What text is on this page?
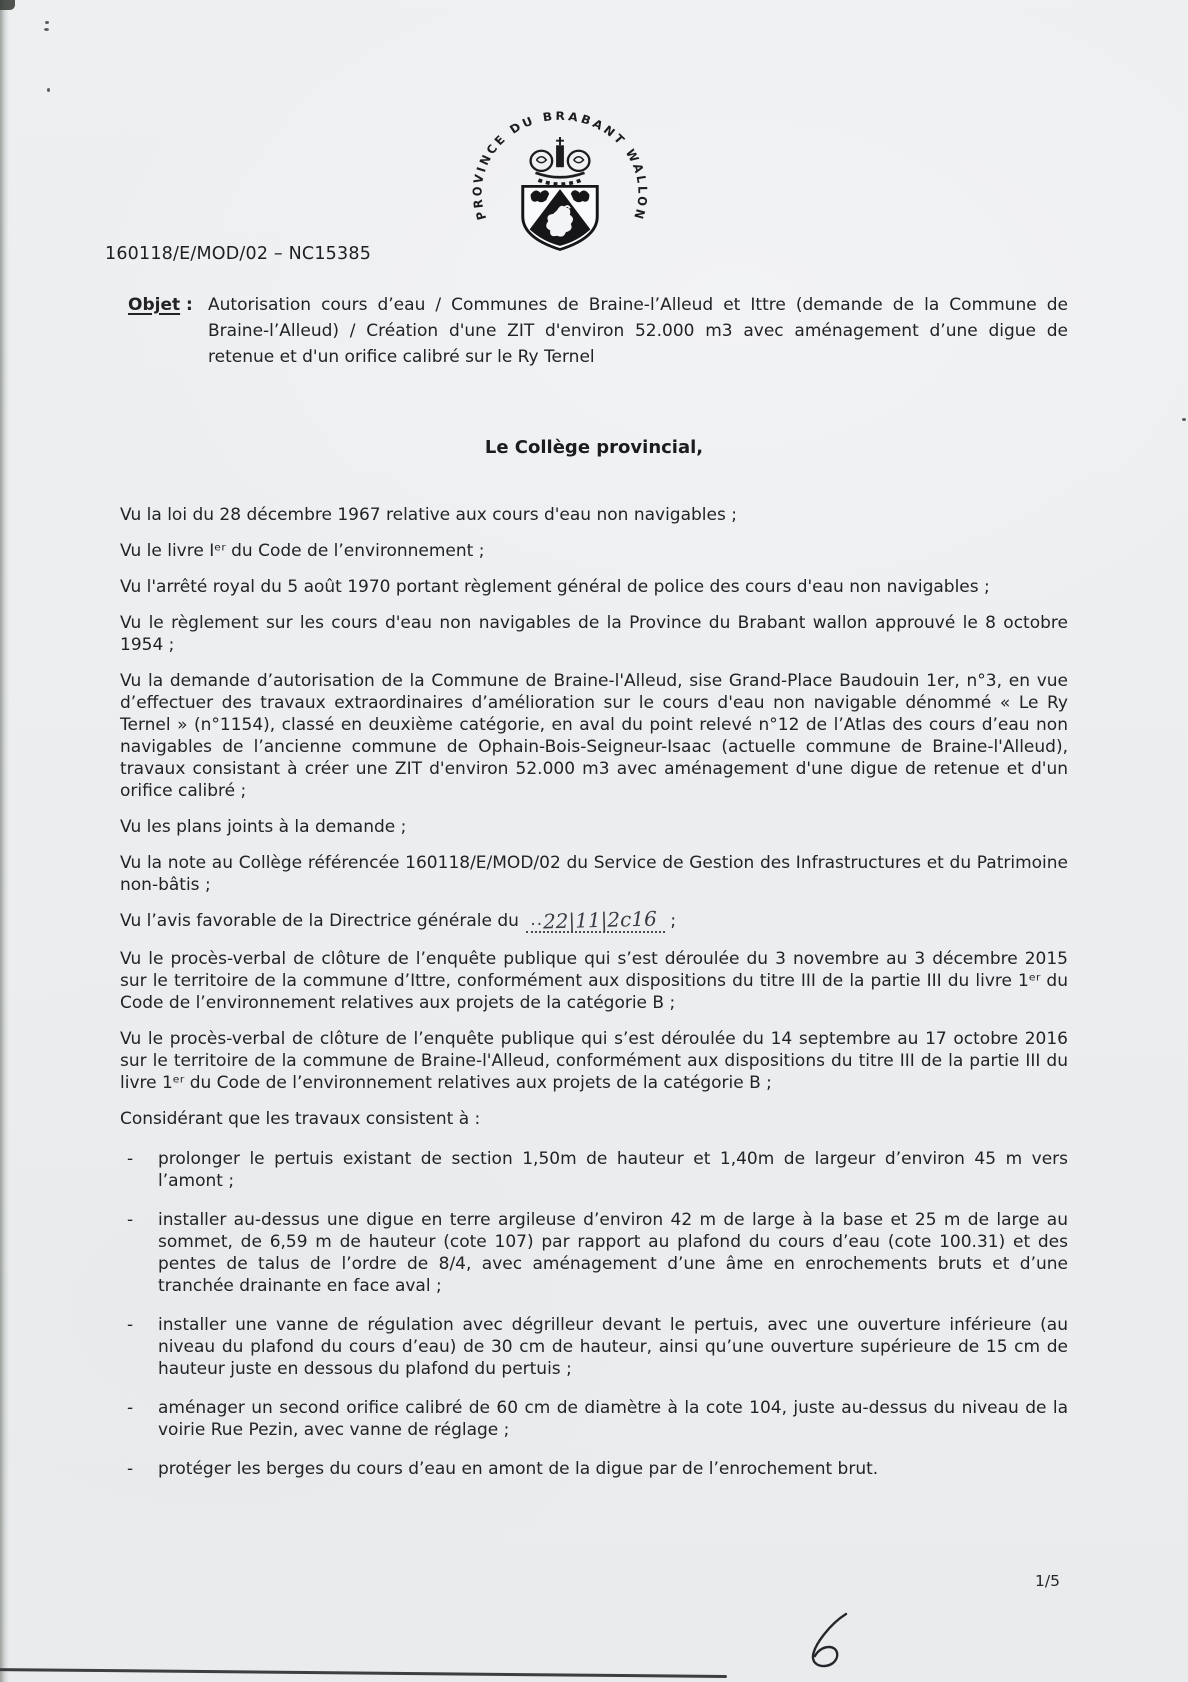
PROVINCE DU BRABANT WALLON
160118/E/MOD/02 – NC15385
Objet : Autorisation cours d’eau / Communes de Braine-l’Alleud et Ittre (demande de la Commune de Braine-l’Alleud) / Création d'une ZIT d'environ 52.000 m3 avec aménagement d’une digue de retenue et d'un orifice calibré sur le Ry Ternel
Le Collège provincial,

Vu la loi du 28 décembre 1967 relative aux cours d'eau non navigables ;

Vu le livre Iᵉʳ du Code de l’environnement ;

Vu l'arrêté royal du 5 août 1970 portant règlement général de police des cours d'eau non navigables ;

Vu le règlement sur les cours d'eau non navigables de la Province du Brabant wallon approuvé le 8 octobre 1954 ;

Vu la demande d’autorisation de la Commune de Braine-l'Alleud, sise Grand-Place Baudouin 1er, n°3, en vue d’effectuer des travaux extraordinaires d’amélioration sur le cours d'eau non navigable dénommé « Le Ry Ternel » (n°1154), classé en deuxième catégorie, en aval du point relevé n°12 de l’Atlas des cours d’eau non navigables de l’ancienne commune de Ophain-Bois-Seigneur-Isaac (actuelle commune de Braine-l'Alleud), travaux consistant à créer une ZIT d'environ 52.000 m3 avec aménagement d'une digue de retenue et d'un orifice calibré ;

Vu les plans joints à la demande ;

Vu la note au Collège référencée 160118/E/MOD/02 du Service de Gestion des Infrastructures et du Patrimoine non-bâtis ;

Vu l’avis favorable de la Directrice générale du ..22|11|2c16 ;

Vu le procès-verbal de clôture de l’enquête publique qui s’est déroulée du 3 novembre au 3 décembre 2015 sur le territoire de la commune d’Ittre, conformément aux dispositions du titre III de la partie III du livre 1ᵉʳ du Code de l’environnement relatives aux projets de la catégorie B ;

Vu le procès-verbal de clôture de l’enquête publique qui s’est déroulée du 14 septembre au 17 octobre 2016 sur le territoire de la commune de Braine-l'Alleud, conformément aux dispositions du titre III de la partie III du livre 1ᵉʳ du Code de l’environnement relatives aux projets de la catégorie B ;

Considérant que les travaux consistent à :

- prolonger le pertuis existant de section 1,50m de hauteur et 1,40m de largeur d’environ 45 m vers l’amont ;
- installer au-dessus une digue en terre argileuse d’environ 42 m de large à la base et 25 m de large au sommet, de 6,59 m de hauteur (cote 107) par rapport au plafond du cours d’eau (cote 100.31) et des pentes de talus de l’ordre de 8/4, avec aménagement d’une âme en enrochements bruts et d’une tranchée drainante en face aval ;
- installer une vanne de régulation avec dégrilleur devant le pertuis, avec une ouverture inférieure (au niveau du plafond du cours d’eau) de 30 cm de hauteur, ainsi qu’une ouverture supérieure de 15 cm de hauteur juste en dessous du plafond du pertuis ;
- aménager un second orifice calibré de 60 cm de diamètre à la cote 104, juste au-dessus du niveau de la voirie Rue Pezin, avec vanne de réglage ;
- protéger les berges du cours d’eau en amont de la digue par de l’enrochement brut.
1/5
